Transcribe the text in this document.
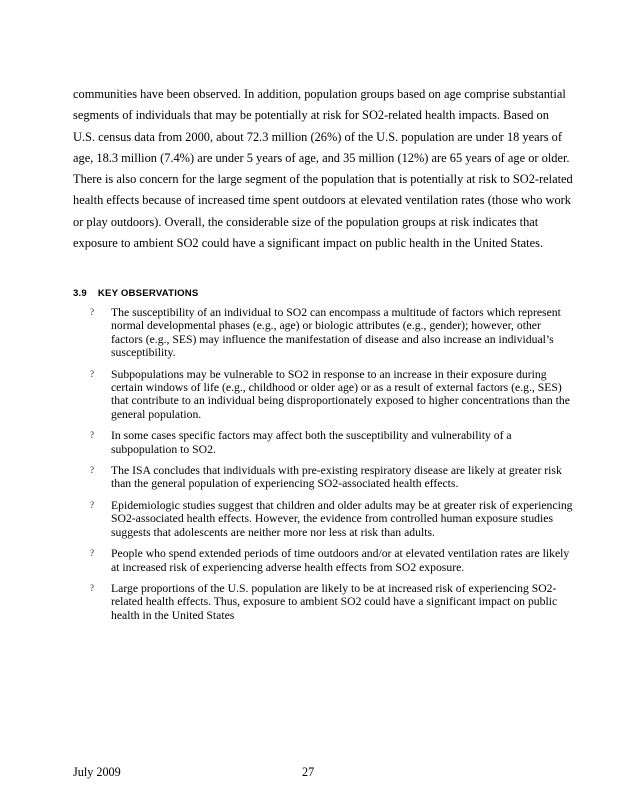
communities have been observed. In addition, population groups based on age comprise substantial segments of individuals that may be potentially at risk for SO2-related health impacts. Based on U.S. census data from 2000, about 72.3 million (26%) of the U.S. population are under 18 years of age, 18.3 million (7.4%) are under 5 years of age, and 35 million (12%) are 65 years of age or older. There is also concern for the large segment of the population that is potentially at risk to SO2-related health effects because of increased time spent outdoors at elevated ventilation rates (those who work or play outdoors). Overall, the considerable size of the population groups at risk indicates that exposure to ambient SO2 could have a significant impact on public health in the United States.

3.9 KEY OBSERVATIONS
? The susceptibility of an individual to SO2 can encompass a multitude of factors which represent normal developmental phases (e.g., age) or biologic attributes (e.g., gender); however, other factors (e.g., SES) may influence the manifestation of disease and also increase an individual’s susceptibility.
? Subpopulations may be vulnerable to SO2 in response to an increase in their exposure during certain windows of life (e.g., childhood or older age) or as a result of external factors (e.g., SES) that contribute to an individual being disproportionately exposed to higher concentrations than the general population.
? In some cases specific factors may affect both the susceptibility and vulnerability of a subpopulation to SO2.
? The ISA concludes that individuals with pre-existing respiratory disease are likely at greater risk than the general population of experiencing SO2-associated health effects.
? Epidemiologic studies suggest that children and older adults may be at greater risk of experiencing SO2-associated health effects. However, the evidence from controlled human exposure studies suggests that adolescents are neither more nor less at risk than adults.
? People who spend extended periods of time outdoors and/or at elevated ventilation rates are likely at increased risk of experiencing adverse health effects from SO2 exposure.
? Large proportions of the U.S. population are likely to be at increased risk of experiencing SO2-related health effects. Thus, exposure to ambient SO2 could have a significant impact on public health in the United States
July 2009	27
